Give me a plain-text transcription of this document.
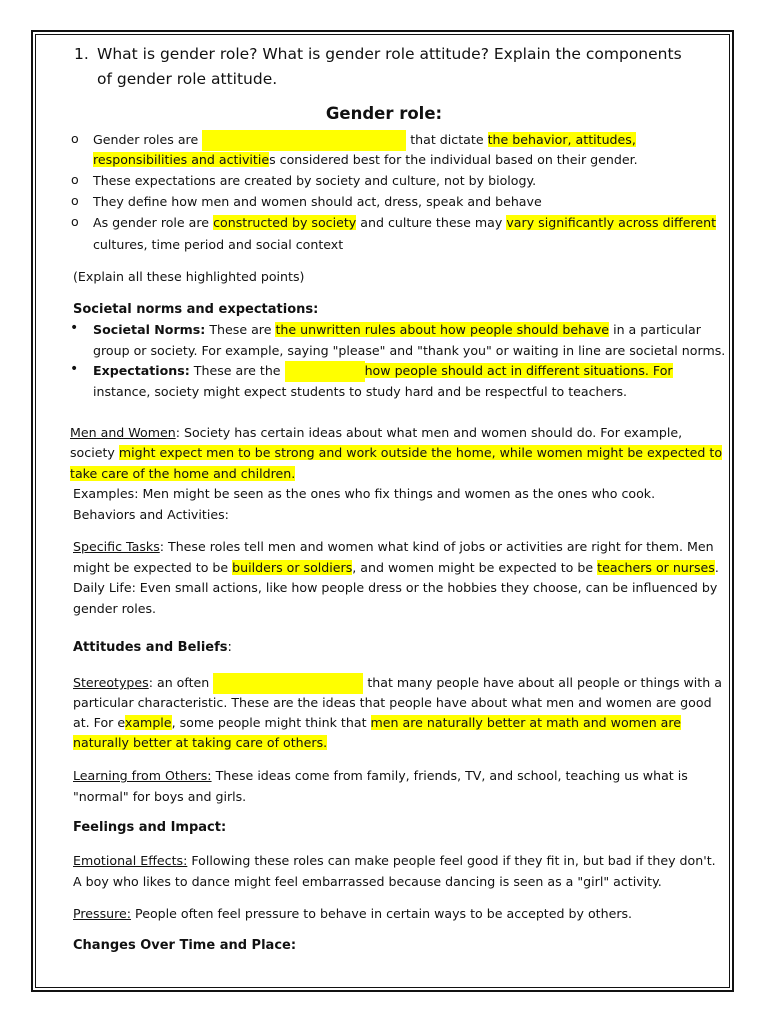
1. What is gender role? What is gender role attitude? Explain the components of gender role attitude.

Gender role:

o Gender roles are	that dictate the behavior, attitudes,

responsibilities and activities considered best for the individual based on their gender.

o These expectations are created by society and culture, not by biology.

o They define how men and women should act, dress, speak and behave

o As gender role are constructed by society and culture these may vary significantly across different

cultures, time period and social context

(Explain all these highlighted points)

Societal norms and expectations:

• Societal Norms: These are the unwritten rules about how people should behave in a particular

group or society. For example, saying "please" and "thank you" or waiting in line are societal norms.

• Expectations: These are the	how people should act in different situations. For

instance, society might expect students to study hard and be respectful to teachers.

Men and Women: Society has certain ideas about what men and women should do. For example,

society might expect men to be strong and work outside the home, while women might be expected to

take care of the home and children.

Examples: Men might be seen as the ones who fix things and women as the ones who cook.

Behaviors and Activities:

Specific Tasks: These roles tell men and women what kind of jobs or activities are right for them. Men

might be expected to be builders or soldiers, and women might be expected to be teachers or nurses.

Daily Life: Even small actions, like how people dress or the hobbies they choose, can be influenced by

gender roles.

Attitudes and Beliefs:

Stereotypes: an often	that many people have about all people or things with a

particular characteristic. These are the ideas that people have about what men and women are good

at. For example, some people might think that men are naturally better at math and women are

naturally better at taking care of others.

Learning from Others: These ideas come from family, friends, TV, and school, teaching us what is

"normal" for boys and girls.

Feelings and Impact:

Emotional Effects: Following these roles can make people feel good if they fit in, but bad if they don't.

A boy who likes to dance might feel embarrassed because dancing is seen as a "girl" activity.

Pressure: People often feel pressure to behave in certain ways to be accepted by others.

Changes Over Time and Place:
